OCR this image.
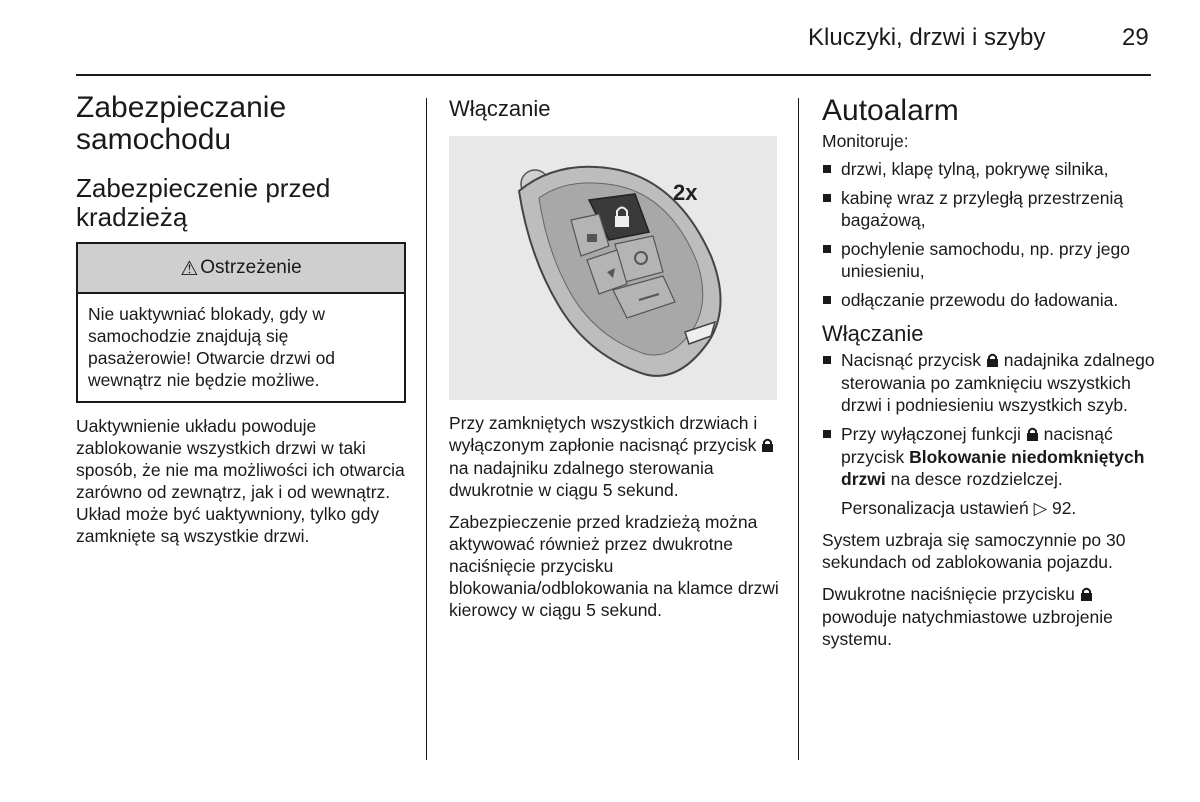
Kluczyki, drzwi i szyby	29
Zabezpieczanie samochodu
Zabezpieczenie przed kradzieżą
⚠ Ostrzeżenie
Nie uaktywniać blokady, gdy w samochodzie znajdują się pasażerowie! Otwarcie drzwi od wewnątrz nie będzie możliwe.

Uaktywnienie układu powoduje zablokowanie wszystkich drzwi w taki sposób, że nie ma możliwości ich otwarcia zarówno od zewnątrz, jak i od wewnątrz. Układ może być uaktywniony, tylko gdy zamknięte są wszystkie drzwi.

Włączanie
2x

Przy zamkniętych wszystkich drzwiach i wyłączonym zapłonie nacisnąć przycisk  na nadajniku zdalnego sterowania dwukrotnie w ciągu 5 sekund.

Zabezpieczenie przed kradzieżą można aktywować również przez dwukrotne naciśnięcie przycisku blokowania/odblokowania na klamce drzwi kierowcy w ciągu 5 sekund.

Autoalarm

Monitoruje:

drzwi, klapę tylną, pokrywę silnika,
kabinę wraz z przyległą przestrzenią bagażową,
pochylenie samochodu, np. przy jego uniesieniu,
odłączanie przewodu do ładowania.
Włączanie
Nacisnąć przycisk nadajnika zdalnego sterowania po zamknięciu wszystkich drzwi i podniesieniu wszystkich szyb.
Przy wyłączonej funkcji nacisnąć przycisk Blokowanie niedomkniętych drzwi na desce rozdzielczej.

Personalizacja ustawień ▷ 92.

System uzbraja się samoczynnie po 30 sekundach od zablokowania pojazdu.

Dwukrotne naciśnięcie przycisku  powoduje natychmiastowe uzbrojenie systemu.
